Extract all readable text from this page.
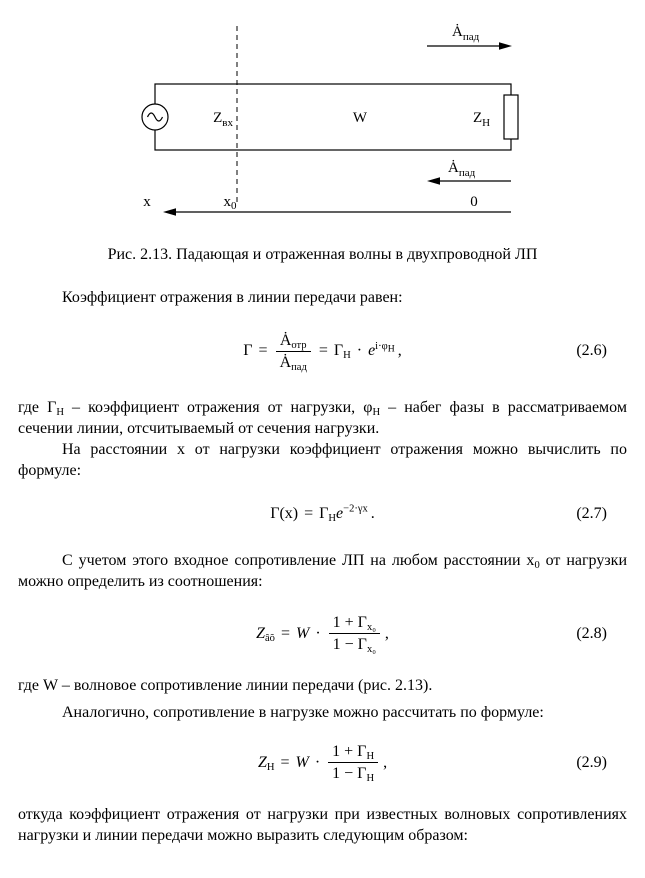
$Ȧ_{пад}$
$Ȧ_{пад}$
$Z_{вх}$	W	$Z_Н$
x	$x_0$	0
Рис. 2.13. Падающая и отраженная волны в двухпроводной ЛП

Коэффициент отражения в линии передачи равен:

$\Gamma = \frac{Ȧ_{отр}}{Ȧ_{пад}} = \Gamma_Н \cdot e^{i\cdot\varphi_Н}$ ,	(2.6)

где $\Gamma_Н$ – коэффициент отражения от нагрузки, $\varphi_Н$ – набег фазы в рассматриваемом сечении линии, отсчитываемый от сечения нагрузки.

На расстоянии x от нагрузки коэффициент отражения можно вычислить по формуле:

$\Gamma(x) = \Gamma_Н$ $e^{-2\cdot\gamma x}$ .	(2.7)

С учетом этого входное сопротивление ЛП на любом расстоянии $x_0$ от нагрузки можно определить из соотношения:

$Z_{âõ} = W \cdot \frac{1 + \Gamma_{x_0}}{1 - \Gamma_{x_0}}$ ,	(2.8)

где W – волновое сопротивление линии передачи (рис. 2.13).

Аналогично, сопротивление в нагрузке можно рассчитать по формуле:

$Z_Н = W \cdot \frac{1 + \Gamma_Н}{1 - \Gamma_Н}$ ,	(2.9)

откуда коэффициент отражения от нагрузки при известных волновых сопротивлениях нагрузки и линии передачи можно выразить следующим образом:
